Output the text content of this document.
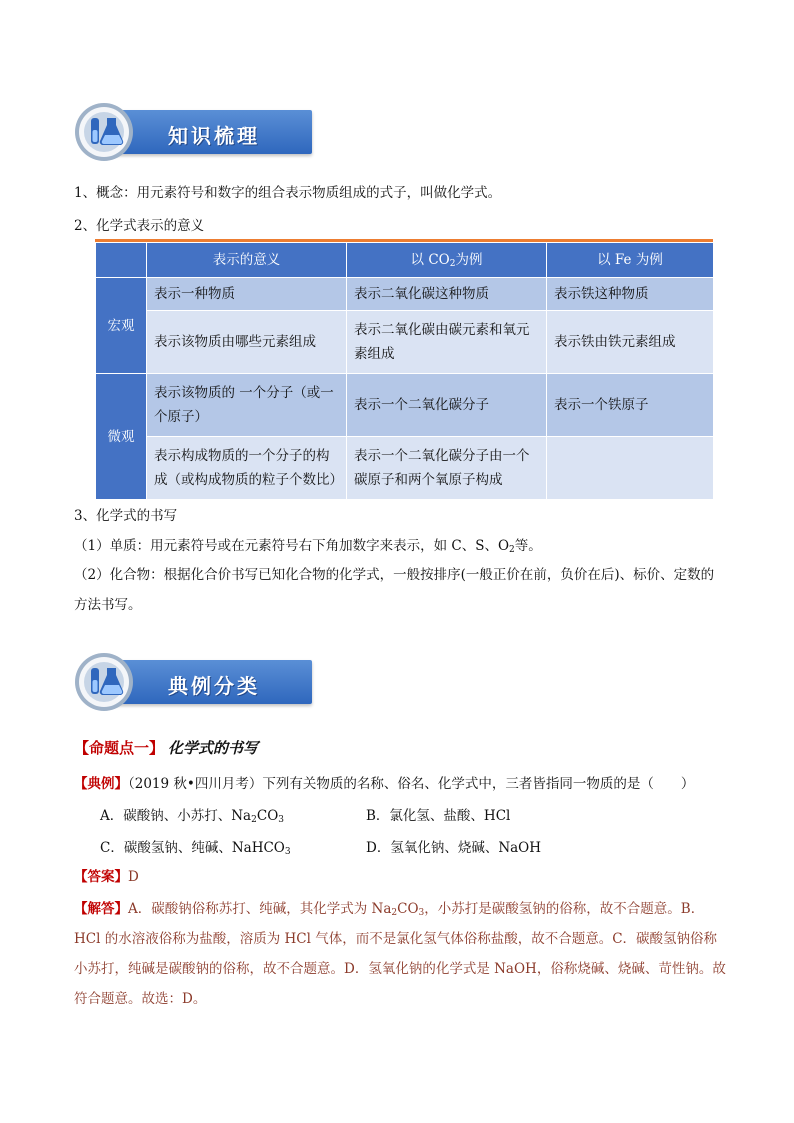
知识梳理
1、概念：用元素符号和数字的组合表示物质组成的式子，叫做化学式。
2、化学式表示的意义
	表示的意义	以 $CO_2$为例	以 Fe 为例
宏观	表示一种物质	表示二氧化碳这种物质	表示铁这种物质
	表示该物质由哪些元素组成	表示二氧化碳由碳元素和氧元素组成	表示铁由铁元素组成
微观	表示该物质的 一个分子（或一个原子）	表示一个二氧化碳分子	表示一个铁原子
	表示构成物质的一个分子的构成（或构成物质的粒子个数比）	表示一个二氧化碳分子由一个碳原子和两个氧原子构成	
3、化学式的书写
（1）单质：用元素符号或在元素符号右下角加数字来表示，如 C、S、$O_2$等。
（2）化合物：根据化合价书写已知化合物的化学式，一般按排序(一般正价在前，负价在后)、标价、定数的方法书写。
典例分类
【命题点一】 化学式的书写
【典例】（2019 秋•四川月考）下列有关物质的名称、俗名、化学式中，三者皆指同一物质的是（　　）
A．碳酸钠、小苏打、$Na_2CO_3$	B．氯化氢、盐酸、HCl
C．碳酸氢钠、纯碱、NaHCO$_3$	D．氢氧化钠、烧碱、NaOH
【答案】D
【解答】A．碳酸钠俗称苏打、纯碱，其化学式为 $Na_2CO_3$，小苏打是碳酸氢钠的俗称，故不合题意。B．HCl 的水溶液俗称为盐酸，溶质为 HCl 气体，而不是氯化氢气体俗称盐酸，故不合题意。C．碳酸氢钠俗称小苏打，纯碱是碳酸钠的俗称，故不合题意。D．氢氧化钠的化学式是 NaOH，俗称烧碱、烧碱、苛性钠。故符合题意。故选：D。
